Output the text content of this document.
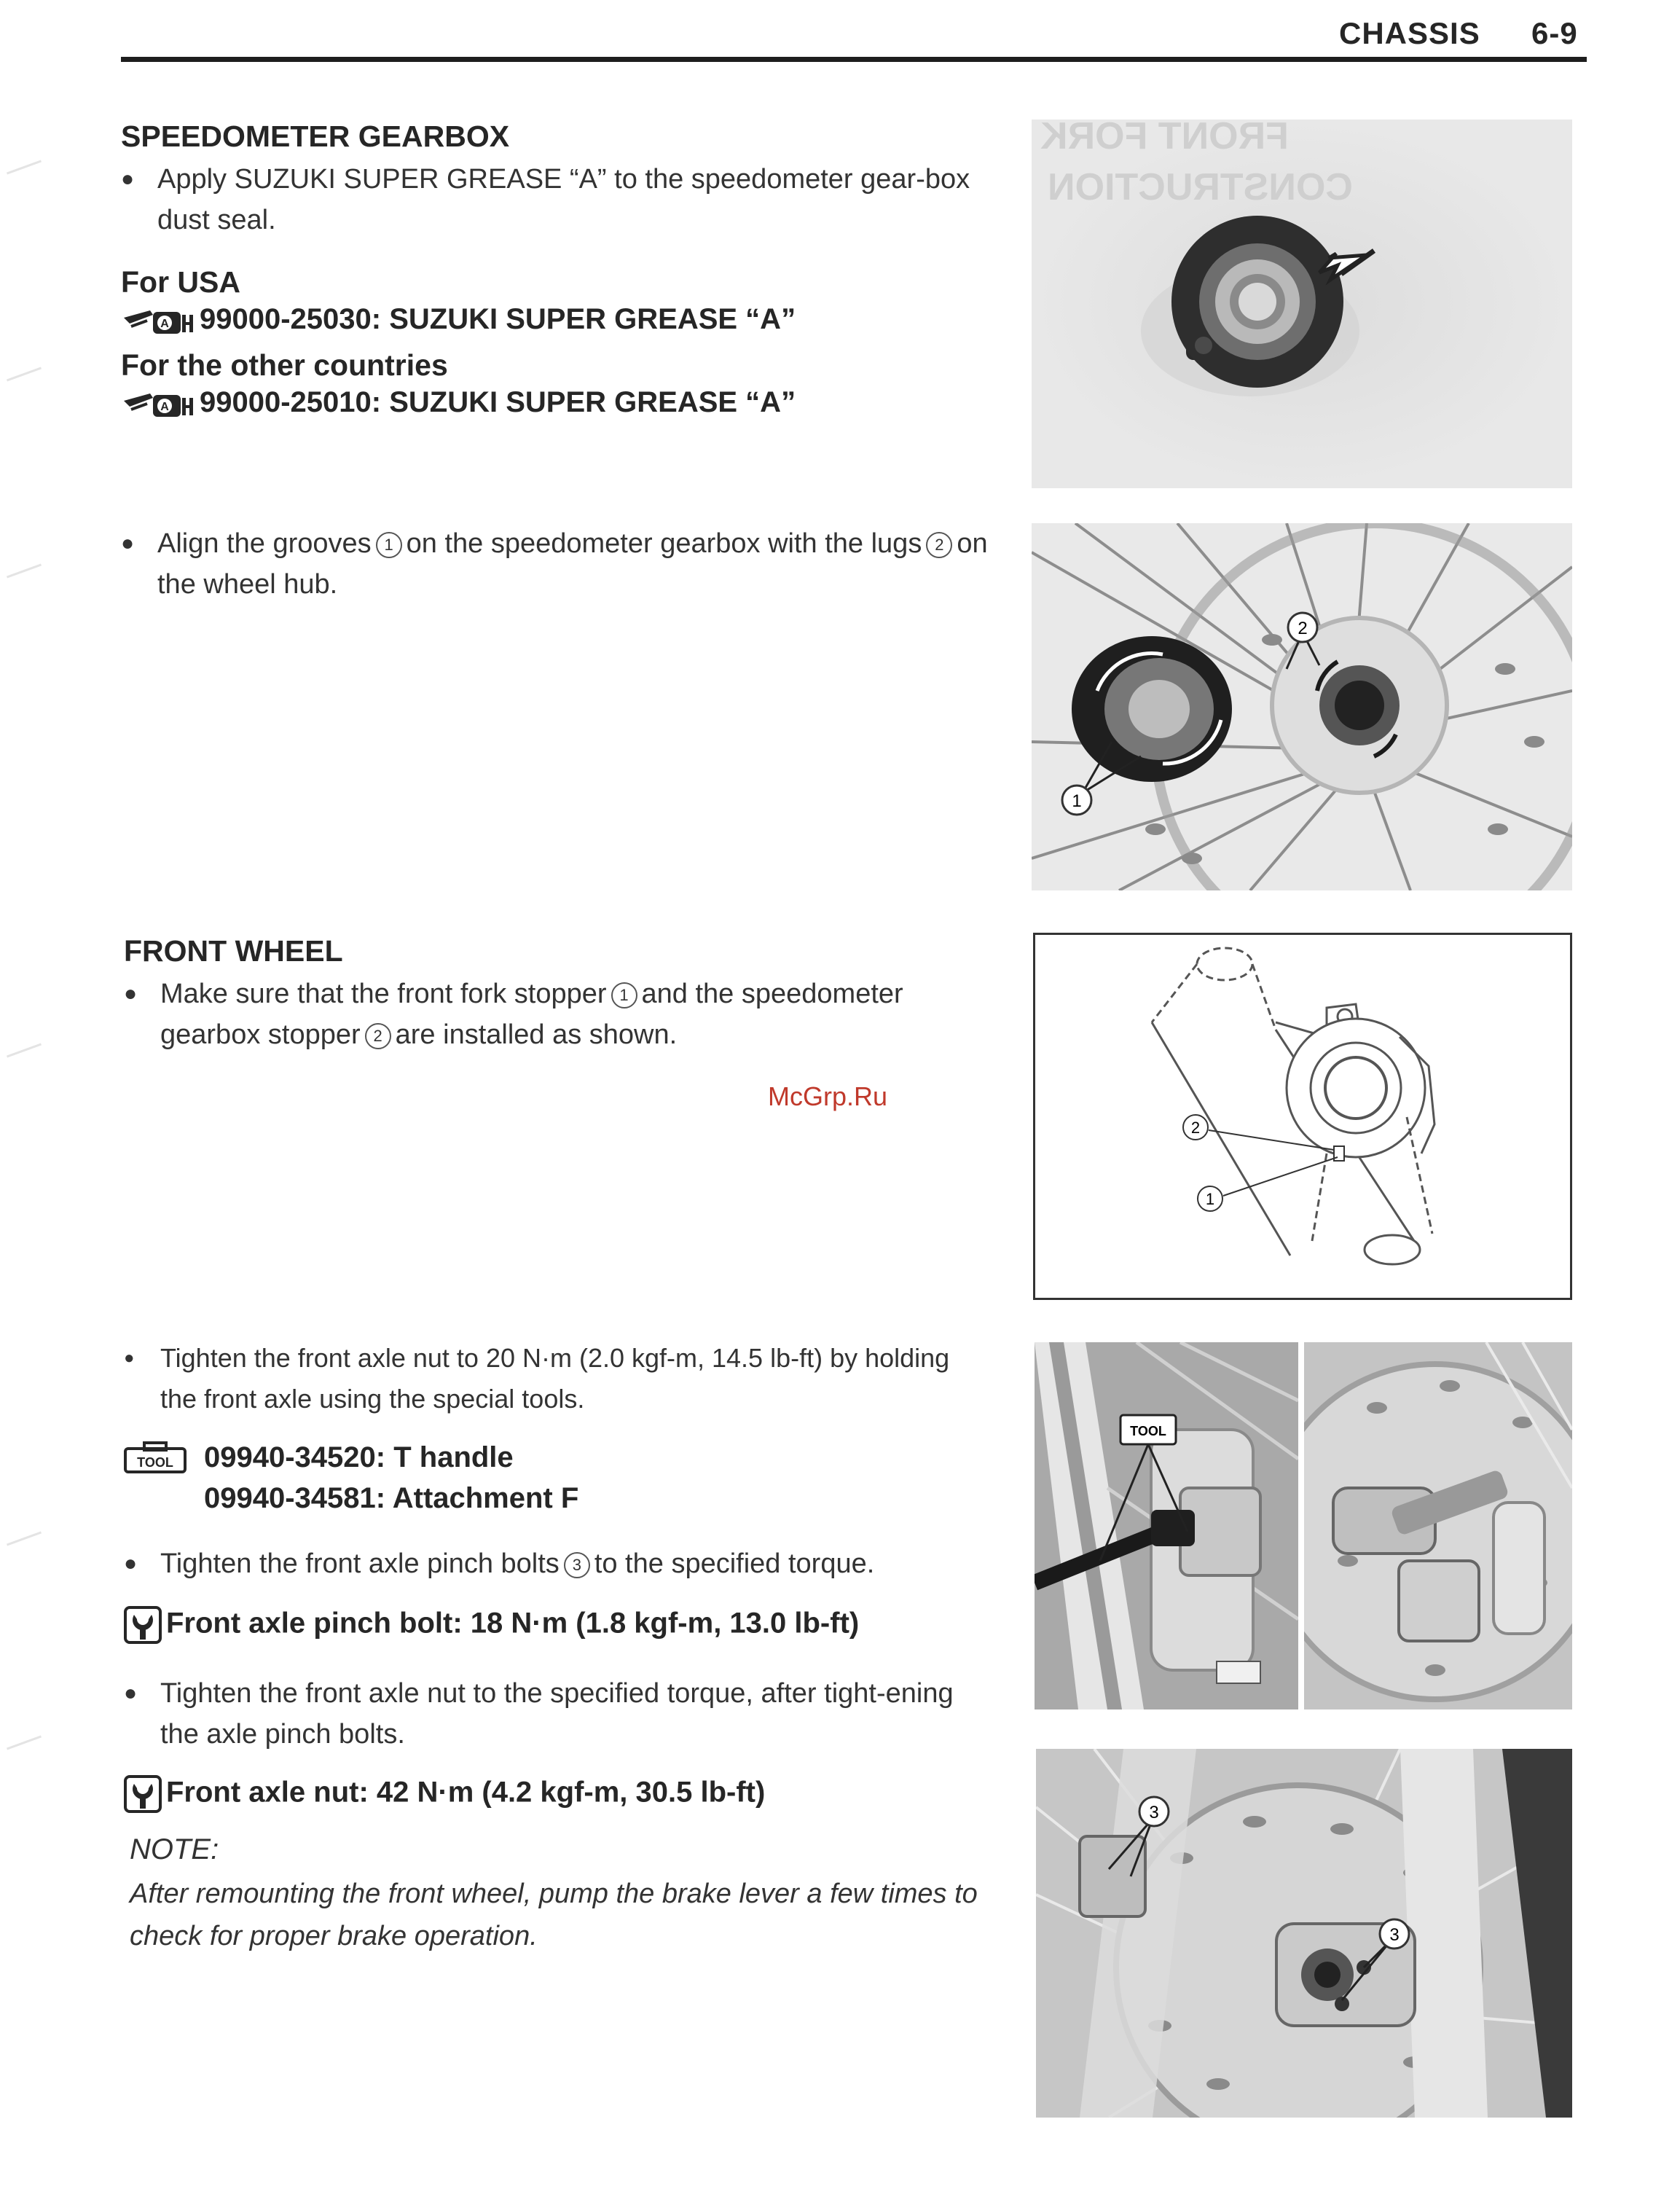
CHASSIS 6-9
SPEEDOMETER GEARBOX
● Apply SUZUKI SUPER GREASE “A” to the speedometer gear-box dust seal.
For USA
A 99000-25030: SUZUKI SUPER GREASE “A”
For the other countries
A 99000-25010: SUZUKI SUPER GREASE “A”
● Align the grooves 1 on the speedometer gearbox with the lugs 2 on the wheel hub.
FRONT FORK
CONSTRUCTION
1
2
FRONT WHEEL
● Make sure that the front fork stopper 1 and the speedometer gearbox stopper 2 are installed as shown.
McGrp.Ru
2
1
● Tighten the front axle nut to 20 N·m (2.0 kgf-m, 14.5 lb-ft) by holding the front axle using the special tools.
TOOL 09940-34520: T handle
09940-34581: Attachment F
● Tighten the front axle pinch bolts 3 to the specified torque.
Front axle pinch bolt: 18 N·m (1.8 kgf-m, 13.0 lb-ft)
● Tighten the front axle nut to the specified torque, after tight-ening the axle pinch bolts.
Front axle nut: 42 N·m (4.2 kgf-m, 30.5 lb-ft)
NOTE:
After remounting the front wheel, pump the brake lever a few times to check for proper brake operation.
TOOL
3
3
